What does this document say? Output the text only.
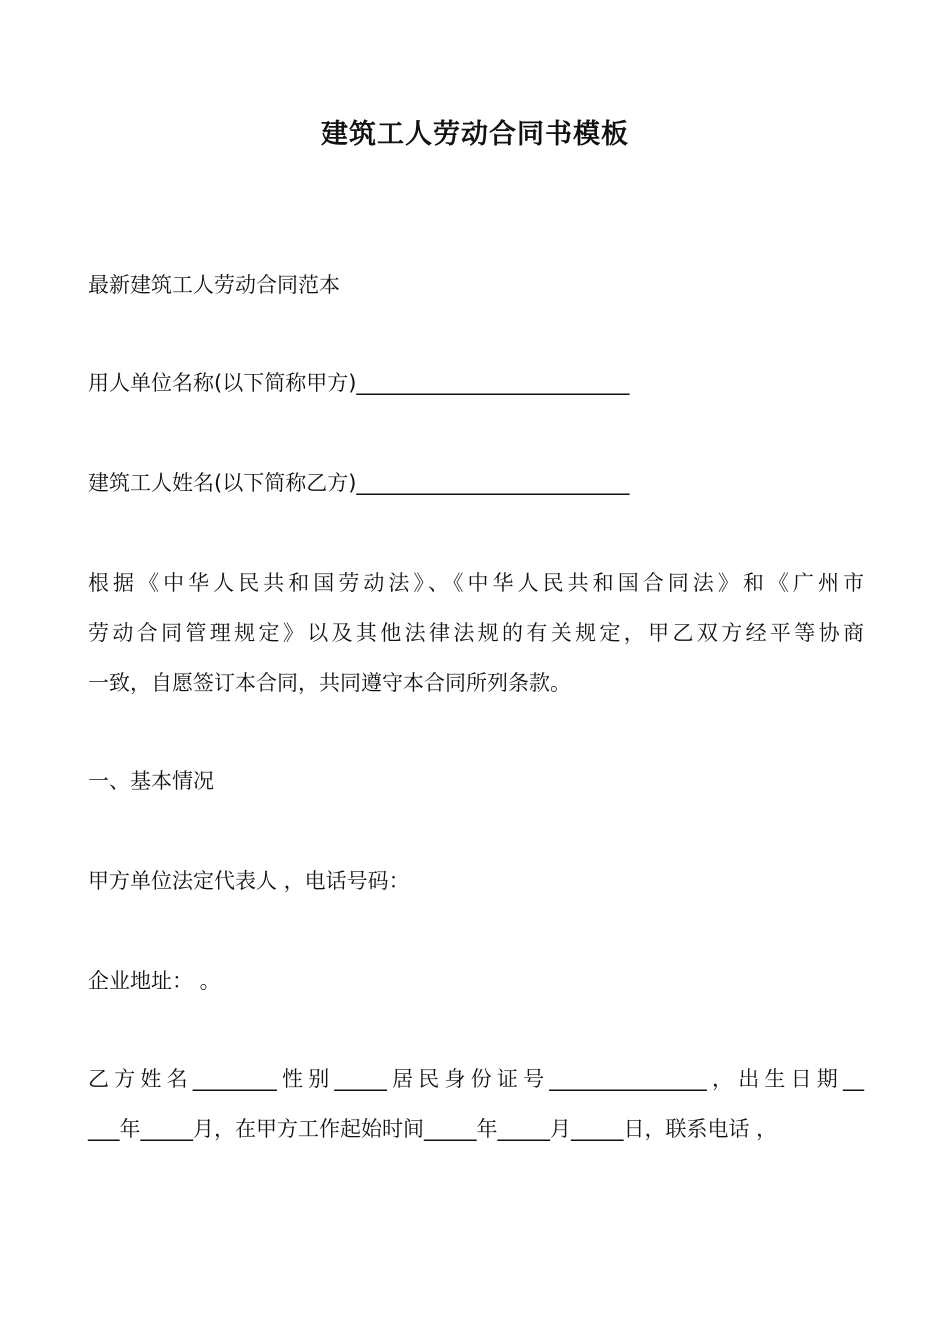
建筑工人劳动合同书模板

最新建筑工人劳动合同范本

用人单位名称(以下简称甲方)__________________________

建筑工人姓名(以下简称乙方)__________________________

根据《中华人民共和国劳动法》、《中华人民共和国合同法》和《广州市
劳动合同管理规定》以及其他法律法规的有关规定，甲乙双方经平等协商
一致，自愿签订本合同，共同遵守本合同所列条款。

一、基本情况

甲方单位法定代表人 ，电话号码：

企业地址： 。

乙方姓名________性别_____居民身份证号_______________，出生日期__
___年_____月，在甲方工作起始时间_____年_____月_____日，联系电话 ，
